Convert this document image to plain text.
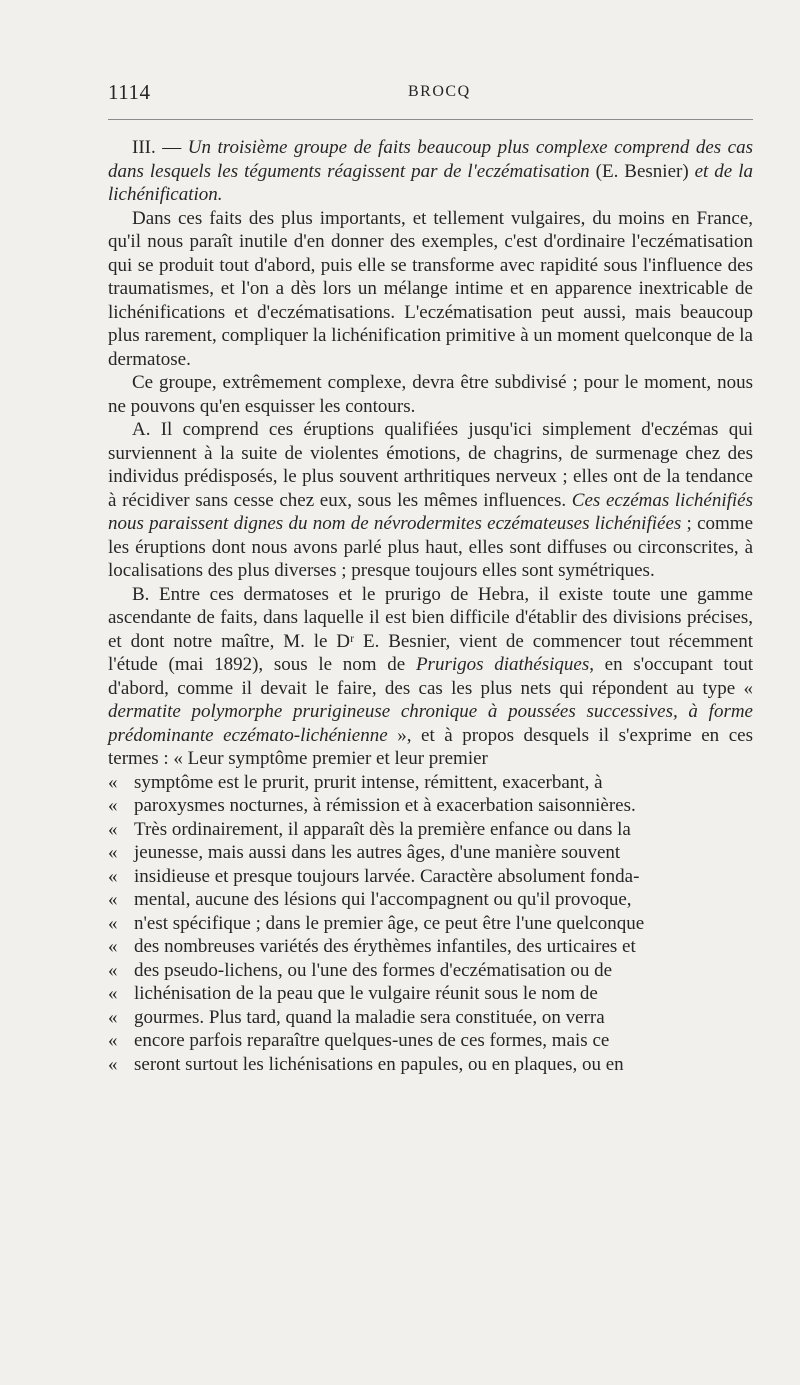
1114	BROCQ

III. — Un troisième groupe de faits beaucoup plus complexe comprend des cas dans lesquels les téguments réagissent par de l'eczématisation (E. Besnier) et de la lichénification.

Dans ces faits des plus importants, et tellement vulgaires, du moins en France, qu'il nous paraît inutile d'en donner des exemples, c'est d'ordinaire l'eczématisation qui se produit tout d'abord, puis elle se transforme avec rapidité sous l'influence des traumatismes, et l'on a dès lors un mélange intime et en apparence inextricable de lichénifications et d'eczématisations. L'eczématisation peut aussi, mais beaucoup plus rarement, compliquer la lichénification primitive à un moment quelconque de la dermatose.

Ce groupe, extrêmement complexe, devra être subdivisé ; pour le moment, nous ne pouvons qu'en esquisser les contours.

A. Il comprend ces éruptions qualifiées jusqu'ici simplement d'eczémas qui surviennent à la suite de violentes émotions, de chagrins, de surmenage chez des individus prédisposés, le plus souvent arthritiques nerveux ; elles ont de la tendance à récidiver sans cesse chez eux, sous les mêmes influences. Ces eczémas lichénifiés nous paraissent dignes du nom de névrodermites eczémateuses lichénifiées ; comme les éruptions dont nous avons parlé plus haut, elles sont diffuses ou circonscrites, à localisations des plus diverses ; presque toujours elles sont symétriques.

B. Entre ces dermatoses et le prurigo de Hebra, il existe toute une gamme ascendante de faits, dans laquelle il est bien difficile d'établir des divisions précises, et dont notre maître, M. le Dʳ E. Besnier, vient de commencer tout récemment l'étude (mai 1892), sous le nom de Prurigos diathésiques, en s'occupant tout d'abord, comme il devait le faire, des cas les plus nets qui répondent au type « dermatite polymorphe prurigineuse chronique à poussées successives, à forme prédominante eczémato-lichénienne », et à propos desquels il s'exprime en ces termes : « Leur symptôme premier et leur premier

« symptôme est le prurit, prurit intense, rémittent, exacerbant, à
« paroxysmes nocturnes, à rémission et à exacerbation saisonnières.
« Très ordinairement, il apparaît dès la première enfance ou dans la
« jeunesse, mais aussi dans les autres âges, d'une manière souvent
« insidieuse et presque toujours larvée. Caractère absolument fonda-
« mental, aucune des lésions qui l'accompagnent ou qu'il provoque,
« n'est spécifique ; dans le premier âge, ce peut être l'une quelconque
« des nombreuses variétés des érythèmes infantiles, des urticaires et
« des pseudo-lichens, ou l'une des formes d'eczématisation ou de
« lichénisation de la peau que le vulgaire réunit sous le nom de
« gourmes. Plus tard, quand la maladie sera constituée, on verra
« encore parfois reparaître quelques-unes de ces formes, mais ce
« seront surtout les lichénisations en papules, ou en plaques, ou en
